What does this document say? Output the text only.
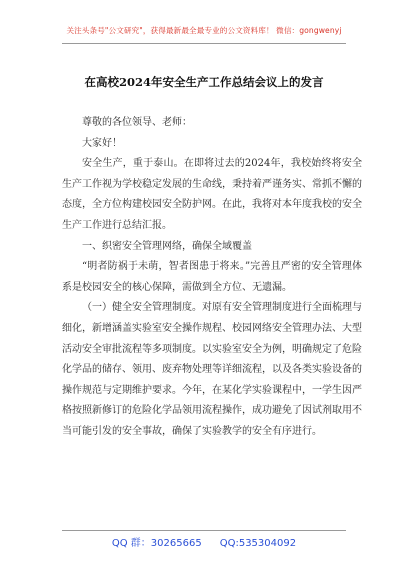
关注头条号"公文研究"，获得最新最全最专业的公文资料库！ 微信：gongwenyj
在高校2024年安全生产工作总结会议上的发言

尊敬的各位领导、老师：

大家好！

安全生产，重于泰山。在即将过去的2024年，我校始终将安全生产工作视为学校稳定发展的生命线，秉持着严谨务实、常抓不懈的态度，全方位构建校园安全防护网。在此，我将对本年度我校的安全生产工作进行总结汇报。

一、织密安全管理网络，确保全域覆盖

“明者防祸于未萌，智者图患于将来。”完善且严密的安全管理体系是校园安全的核心保障，需做到全方位、无遗漏。

（一）健全安全管理制度。对原有安全管理制度进行全面梳理与细化，新增涵盖实验室安全操作规程、校园网络安全管理办法、大型活动安全审批流程等多项制度。以实验室安全为例，明确规定了危险化学品的储存、领用、废弃物处理等详细流程，以及各类实验设备的操作规范与定期维护要求。今年，在某化学实验课程中，一学生因严格按照新修订的危险化学品领用流程操作，成功避免了因试剂取用不当可能引发的安全事故，确保了实验教学的安全有序进行。

QQ 群：30265665 QQ:535304092
